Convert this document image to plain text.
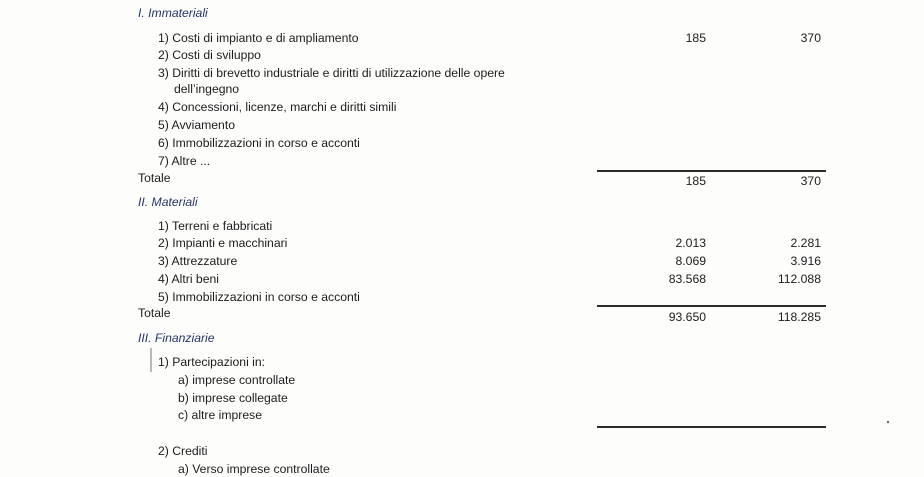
I. Immateriali
1) Costi di impianto e di ampliamento	185	370
2) Costi di sviluppo
3) Diritti di brevetto industriale e diritti di utilizzazione delle opere
dell’ingegno
4) Concessioni, licenze, marchi e diritti simili
5) Avviamento
6) Immobilizzazioni in corso e acconti
7) Altre ...
Totale	185	370
II. Materiali
1) Terreni e fabbricati
2) Impianti e macchinari	2.013	2.281
3) Attrezzature	8.069	3.916
4) Altri beni	83.568	112.088
5) Immobilizzazioni in corso e acconti
Totale	93.650	118.285
III. Finanziarie
1) Partecipazioni in:
a) imprese controllate
b) imprese collegate
c) altre imprese
2) Crediti
a) Verso imprese controllate
